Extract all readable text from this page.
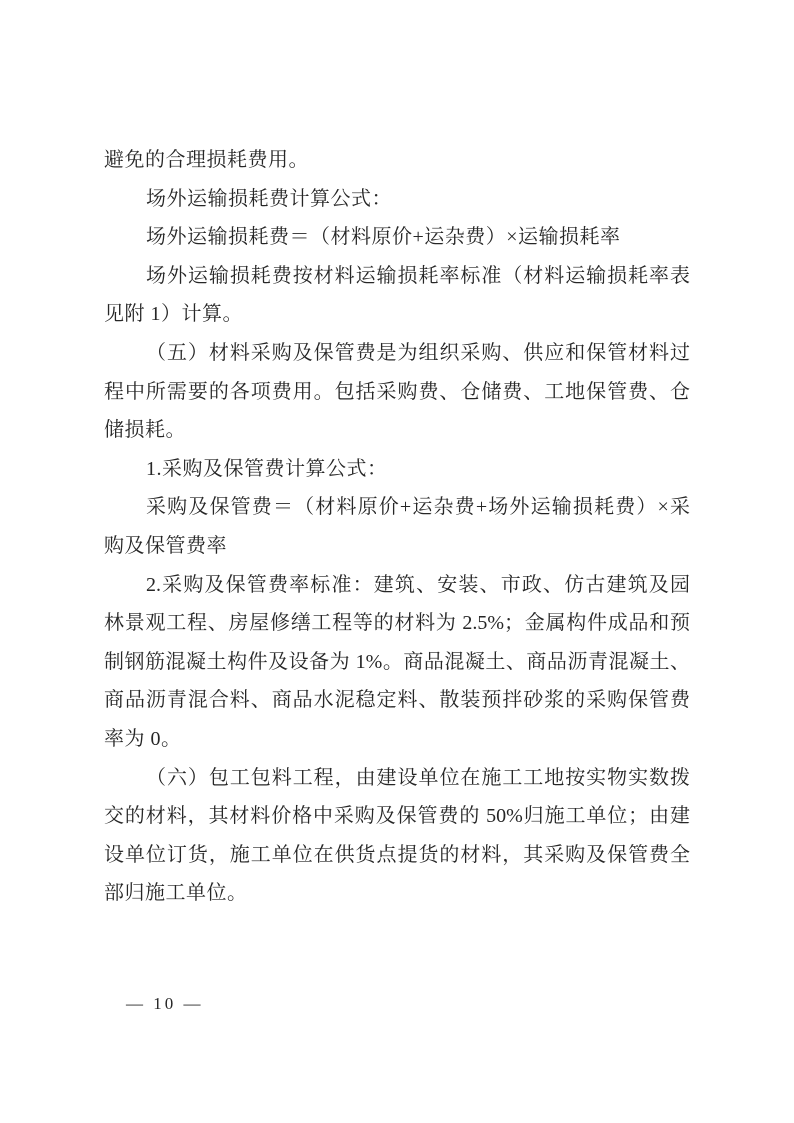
避免的合理损耗费用。
场外运输损耗费计算公式：
场外运输损耗费＝（材料原价+运杂费）×运输损耗率
场外运输损耗费按材料运输损耗率标准（材料运输损耗率表
见附 1）计算。
（五）材料采购及保管费是为组织采购、供应和保管材料过
程中所需要的各项费用。包括采购费、仓储费、工地保管费、仓
储损耗。
1.采购及保管费计算公式：
采购及保管费＝（材料原价+运杂费+场外运输损耗费）×采
购及保管费率
2.采购及保管费率标准：建筑、安装、市政、仿古建筑及园
林景观工程、房屋修缮工程等的材料为 2.5%；金属构件成品和预
制钢筋混凝土构件及设备为 1%。商品混凝土、商品沥青混凝土、
商品沥青混合料、商品水泥稳定料、散装预拌砂浆的采购保管费
率为 0。
（六）包工包料工程，由建设单位在施工工地按实物实数拨
交的材料，其材料价格中采购及保管费的 50%归施工单位；由建
设单位订货，施工单位在供货点提货的材料，其采购及保管费全
部归施工单位。
— 10 —
